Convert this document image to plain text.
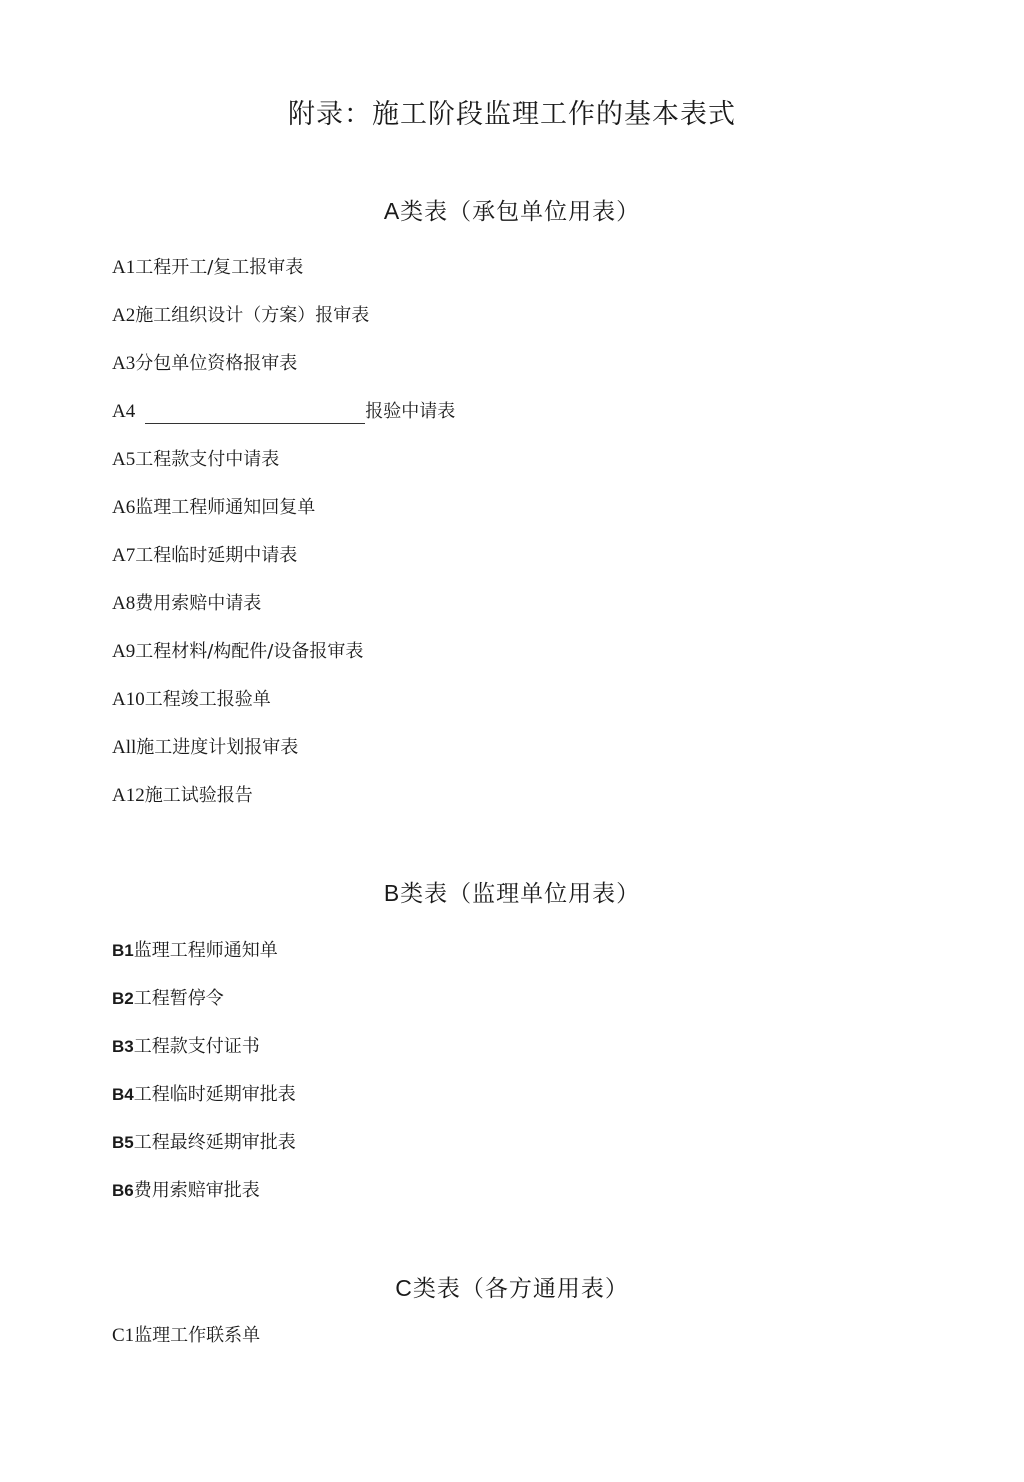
附录：施工阶段监理工作的基本表式
A类表（承包单位用表）
A1工程开工/复工报审表
A2施工组织设计（方案）报审表
A3分包单位资格报审表
A4	报验中请表
A5工程款支付中请表
A6监理工程师通知回复单
A7工程临时延期中请表
A8费用索赔中请表
A9工程材料/构配件/设备报审表
A10工程竣工报验单
All施工进度计划报审表
A12施工试验报告
B类表（监理单位用表）
B1监理工程师通知单
B2工程暂停令
B3工程款支付证书
B4工程临时延期审批表
B5工程最终延期审批表
B6费用索赔审批表
C类表（各方通用表）
C1监理工作联系单
